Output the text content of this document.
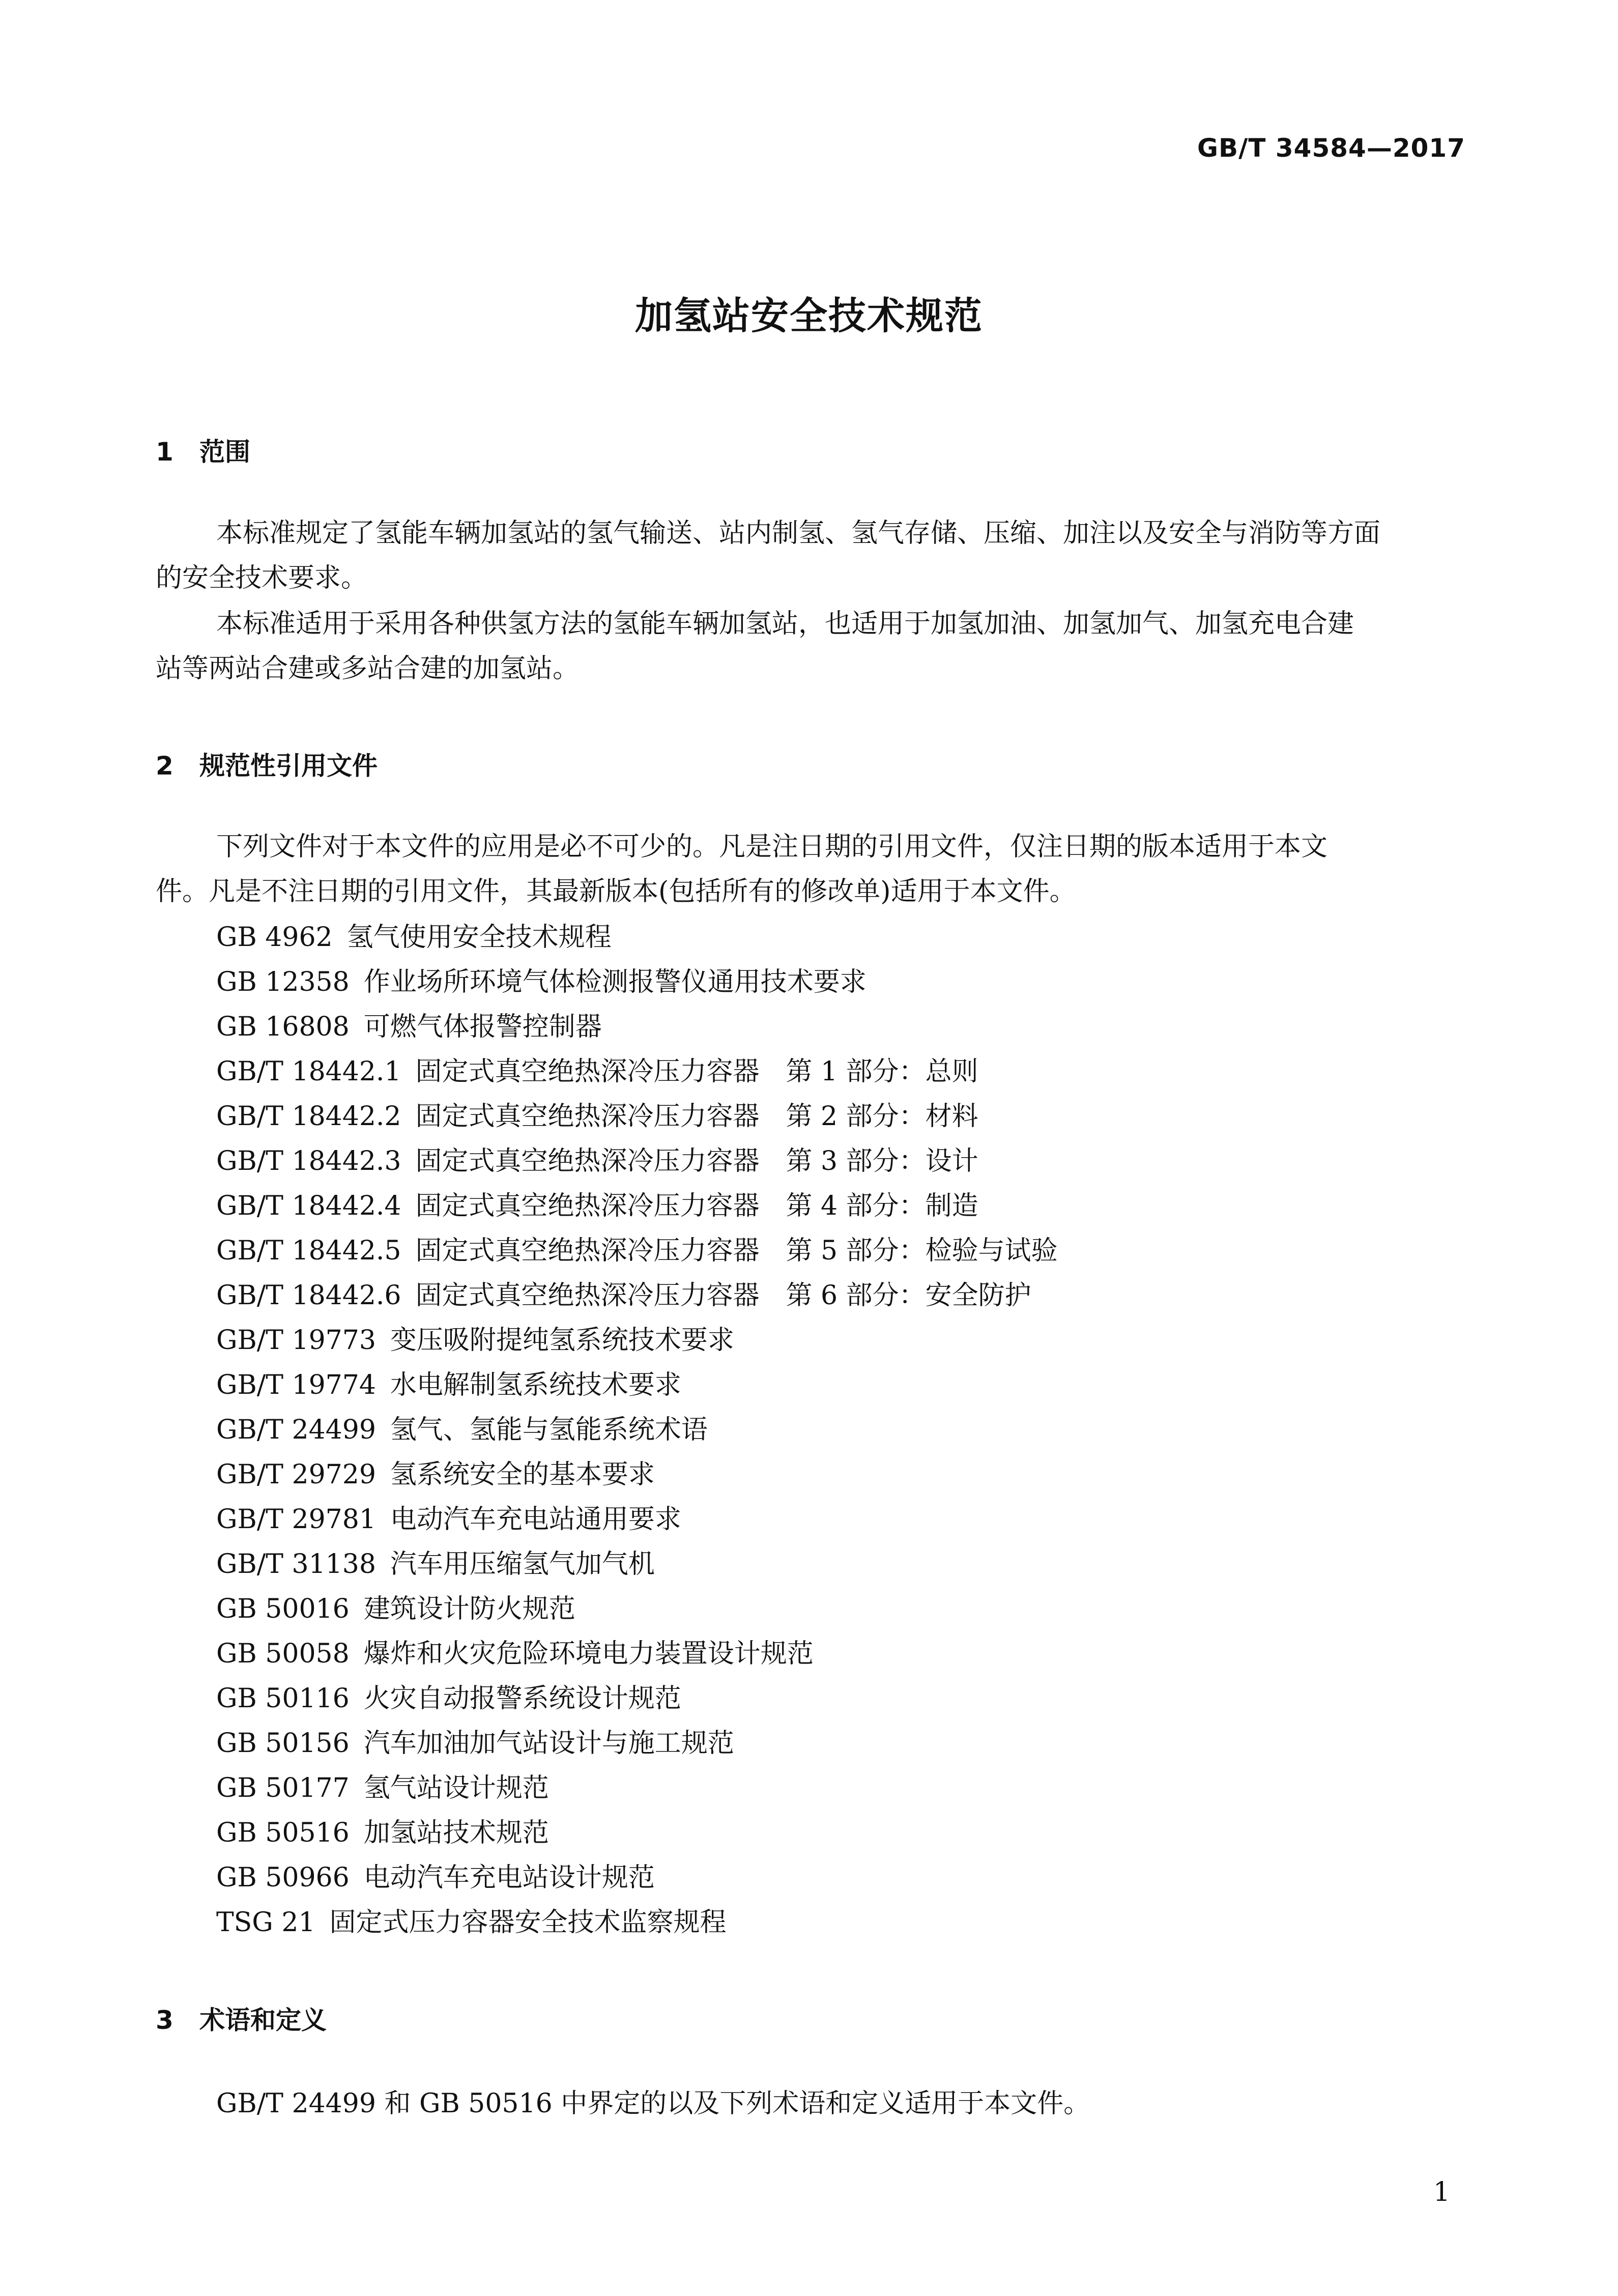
GB/T 34584—2017
加氢站安全技术规范
1 范围
本标准规定了氢能车辆加氢站的氢气输送、站内制氢、氢气存储、压缩、加注以及安全与消防等方面
的安全技术要求。
本标准适用于采用各种供氢方法的氢能车辆加氢站，也适用于加氢加油、加氢加气、加氢充电合建
站等两站合建或多站合建的加氢站。
2 规范性引用文件
下列文件对于本文件的应用是必不可少的。凡是注日期的引用文件，仅注日期的版本适用于本文
件。凡是不注日期的引用文件，其最新版本(包括所有的修改单)适用于本文件。
GB 4962 氢气使用安全技术规程
GB 12358 作业场所环境气体检测报警仪通用技术要求
GB 16808 可燃气体报警控制器
GB/T 18442.1 固定式真空绝热深冷压力容器　第 1 部分：总则
GB/T 18442.2 固定式真空绝热深冷压力容器　第 2 部分：材料
GB/T 18442.3 固定式真空绝热深冷压力容器　第 3 部分：设计
GB/T 18442.4 固定式真空绝热深冷压力容器　第 4 部分：制造
GB/T 18442.5 固定式真空绝热深冷压力容器　第 5 部分：检验与试验
GB/T 18442.6 固定式真空绝热深冷压力容器　第 6 部分：安全防护
GB/T 19773 变压吸附提纯氢系统技术要求
GB/T 19774 水电解制氢系统技术要求
GB/T 24499 氢气、氢能与氢能系统术语
GB/T 29729 氢系统安全的基本要求
GB/T 29781 电动汽车充电站通用要求
GB/T 31138 汽车用压缩氢气加气机
GB 50016 建筑设计防火规范
GB 50058 爆炸和火灾危险环境电力装置设计规范
GB 50116 火灾自动报警系统设计规范
GB 50156 汽车加油加气站设计与施工规范
GB 50177 氢气站设计规范
GB 50516 加氢站技术规范
GB 50966 电动汽车充电站设计规范
TSG 21 固定式压力容器安全技术监察规程
3 术语和定义
GB/T 24499 和 GB 50516 中界定的以及下列术语和定义适用于本文件。
1
